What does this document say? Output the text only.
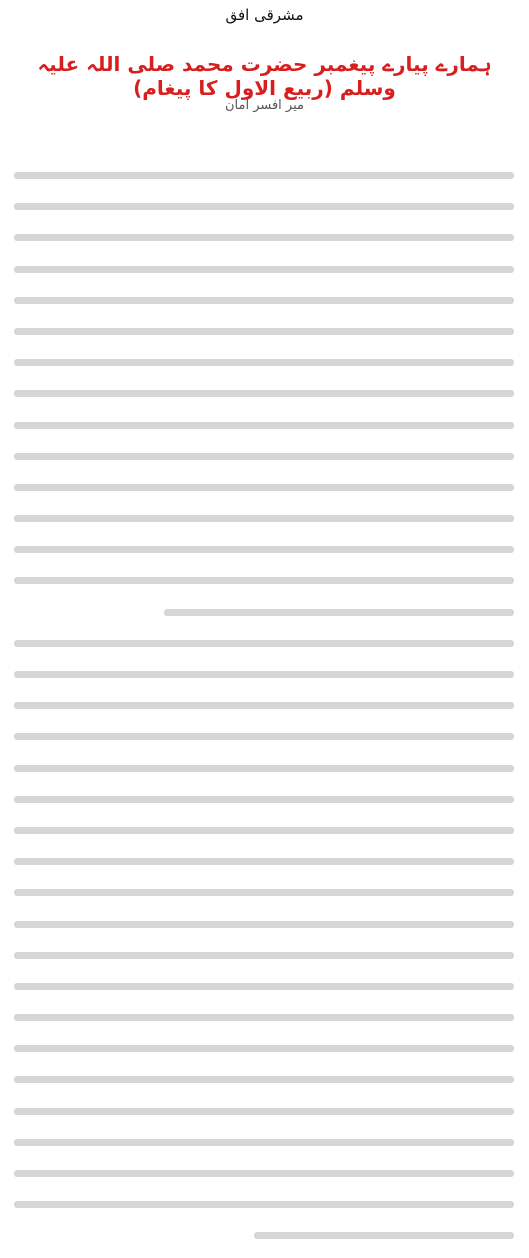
مشرقی افق
ہمارے پیارے پیغمبر حضرت محمد صلی اللہ علیہ وسلم (ربیع الاول کا پیغام)
میر افسر امان
